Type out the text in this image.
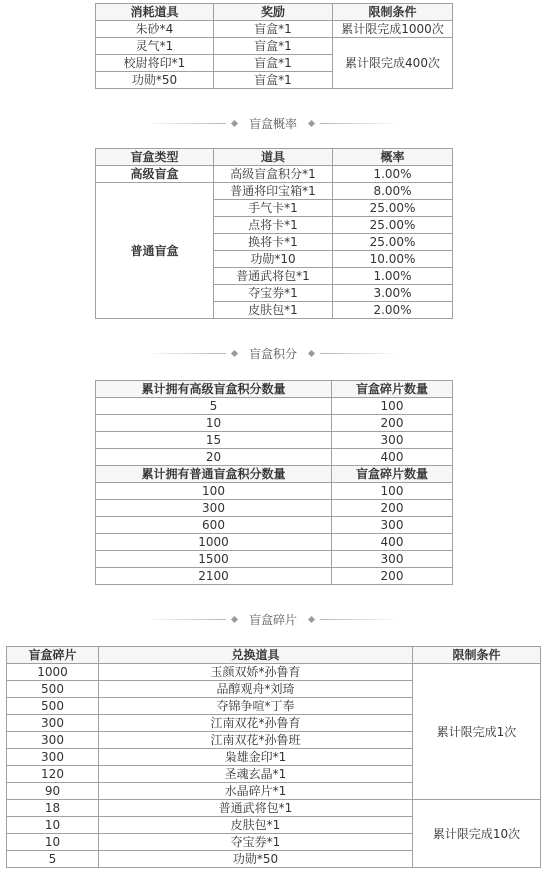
消耗道具	奖励	限制条件
朱砂*4	盲盒*1	累计限完成1000次
灵气*1	盲盒*1	累计限完成400次
校尉将印*1	盲盒*1	
功勋*50	盲盒*1	
盲盒概率
盲盒类型	道具	概率
高级盲盒	高级盲盒积分*1	1.00%
普通盲盒	普通将印宝箱*1	8.00%
	手气卡*1	25.00%
	点将卡*1	25.00%
	换将卡*1	25.00%
	功勋*10	10.00%
	普通武将包*1	1.00%
	夺宝券*1	3.00%
	皮肤包*1	2.00%
盲盒积分
累计拥有高级盲盒积分数量	盲盒碎片数量
5	100
10	200
15	300
20	400
累计拥有普通盲盒积分数量	盲盒碎片数量
100	100
300	200
600	300
1000	400
1500	300
2100	200
盲盒碎片
盲盒碎片	兑换道具	限制条件
1000	玉颜双娇*孙鲁育	累计限完成1次
500	品醇观舟*刘琦	
500	夺锦争喧*丁奉	
300	江南双花*孙鲁育	
300	江南双花*孙鲁班	
300	枭雄金印*1	
120	圣魂玄晶*1	
90	水晶碎片*1	
18	普通武将包*1	累计限完成10次
10	皮肤包*1	
10	夺宝券*1	
5	功勋*50	
